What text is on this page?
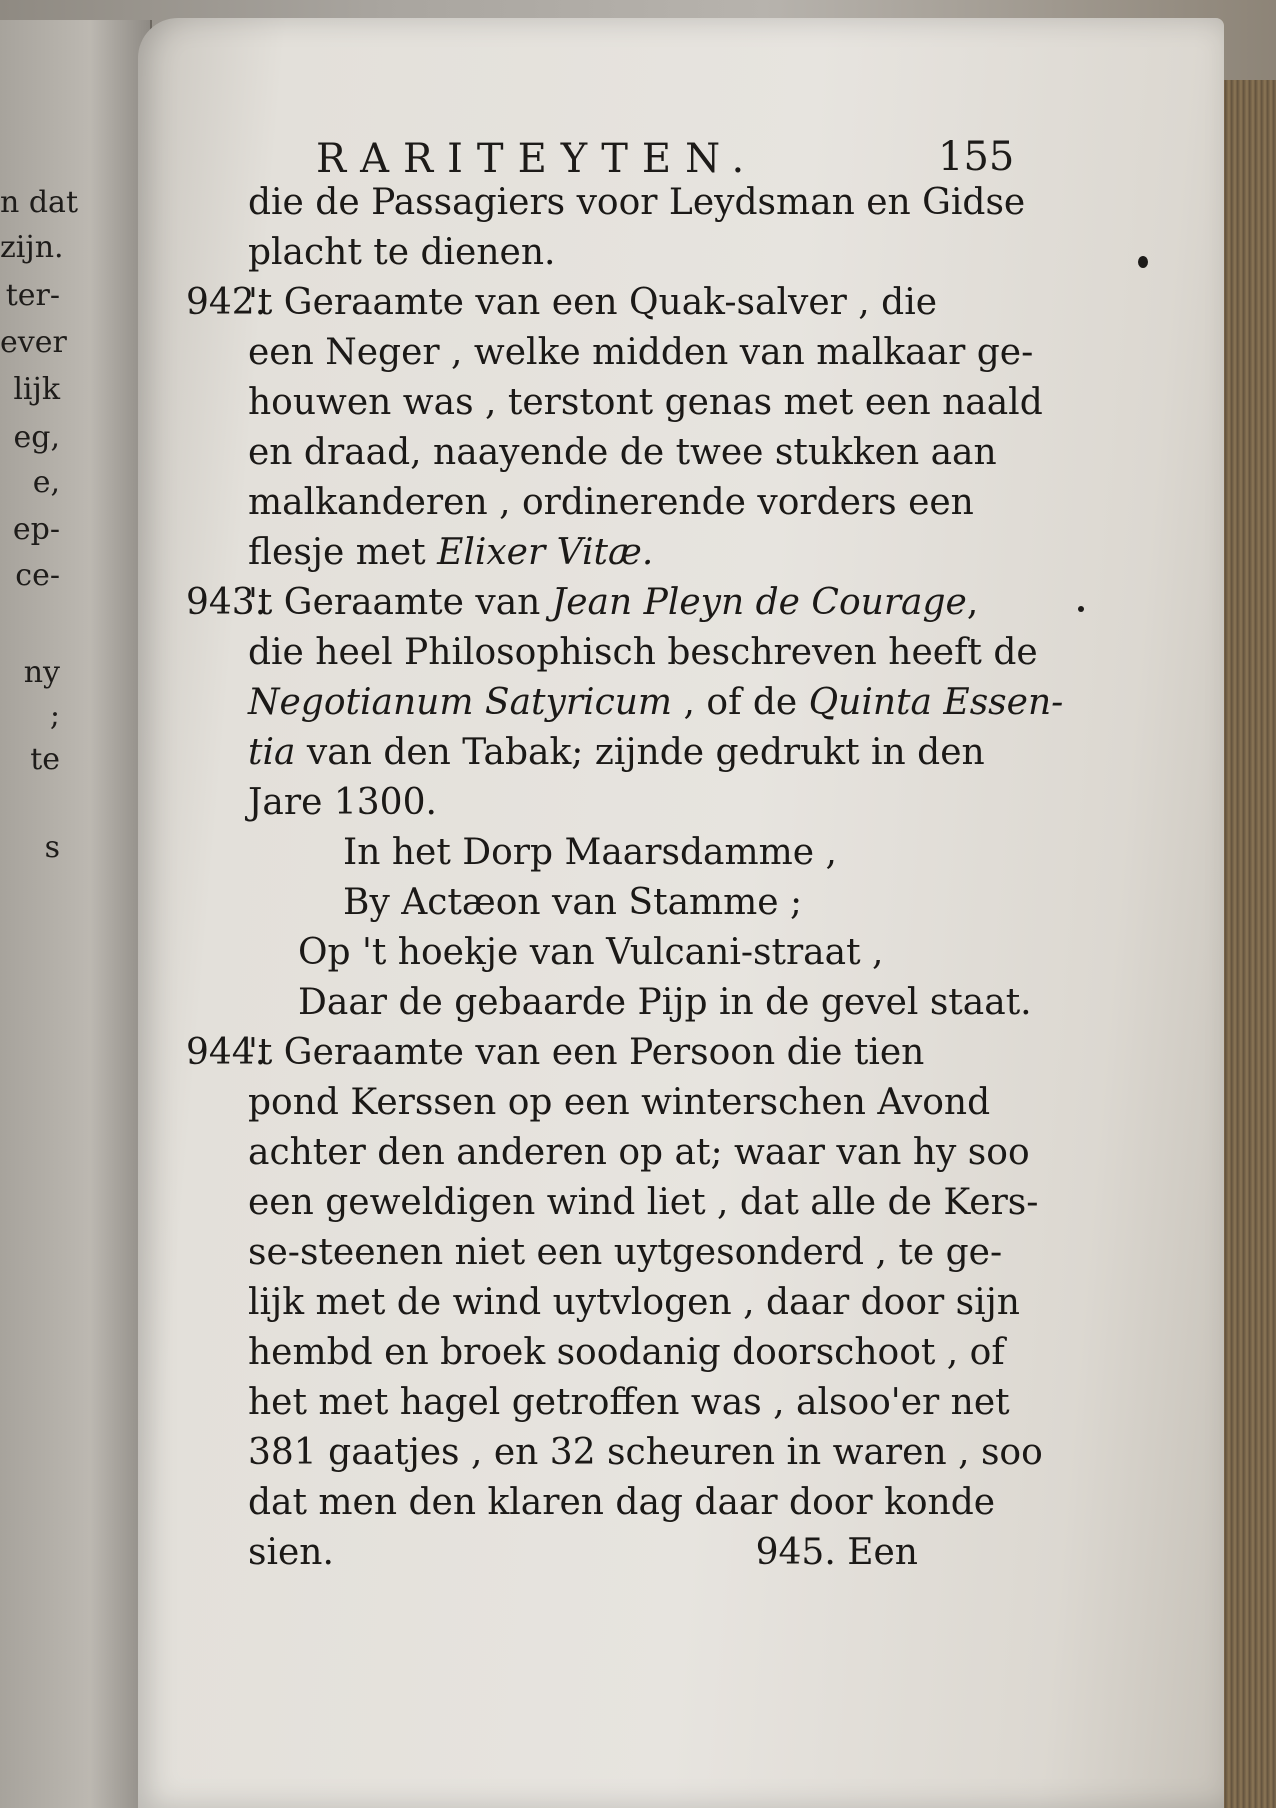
n dat
zijn.
ter-
ever
lijk
eg,
e,
ep-
ce-
ny
;
te
s
RARITEYTEN.	155
die de Passagiers voor Leydsman en Gidse
placht te dienen.
942.
't Geraamte van een Quak-salver , die
een Neger , welke midden van malkaar ge-
houwen was , terstont genas met een naald
en draad, naayende de twee stukken aan
malkanderen , ordinerende vorders een
flesje met Elixer Vitæ.
943.
't Geraamte van Jean Pleyn de Courage,
die heel Philosophisch beschreven heeft de
Negotianum Satyricum , of de Quinta Essen-
tia van den Tabak; zijnde gedrukt in den
Jare 1300.
In het Dorp Maarsdamme ,
By Actæon van Stamme ;
Op 't hoekje van Vulcani-straat ,
Daar de gebaarde Pijp in de gevel staat.
944.
't Geraamte van een Persoon die tien
pond Kerssen op een winterschen Avond
achter den anderen op at; waar van hy soo
een geweldigen wind liet , dat alle de Kers-
se-steenen niet een uytgesonderd , te ge-
lijk met de wind uytvlogen , daar door sijn
hembd en broek soodanig doorschoot , of
het met hagel getroffen was , alsoo'er net
381 gaatjes , en 32 scheuren in waren , soo
dat men den klaren dag daar door konde
sien.	945. Een
